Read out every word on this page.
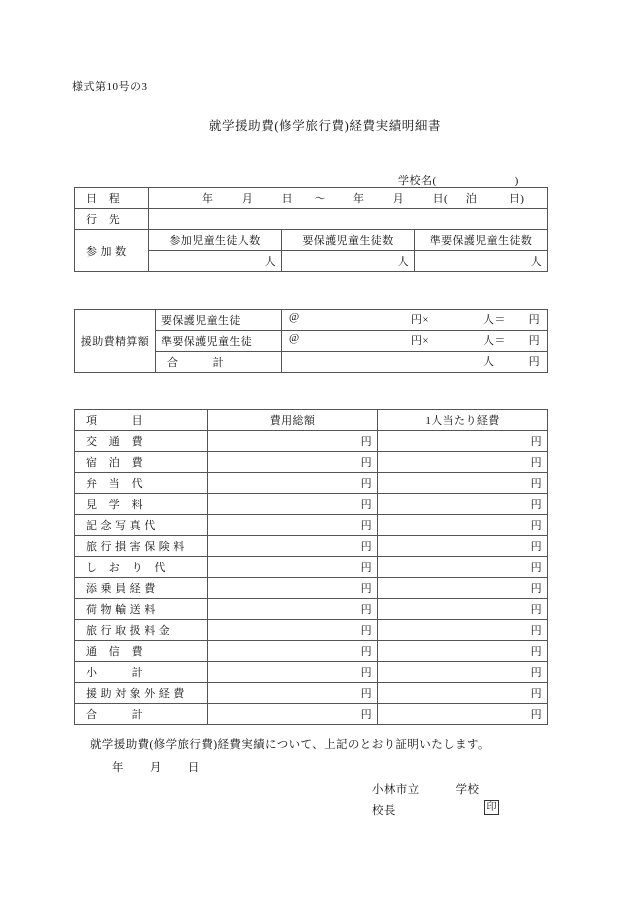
様式第10号の3
就学援助費(修学旅行費)経費実績明細書
学校名(	)
日　程	年	月	日	～	年	月	日(	泊	日)

行　先			

参 加 数	参加児童生徒人数	要保護児童生徒数	準要保護児童生徒数
	人	人	人
援助費精算額	要保護児童生徒	@ 円× 人＝ 円

	準要保護児童生徒	@ 円× 人＝ 円

	合　　　計	人 円
項　　　目	費用総額	1人当たり経費

交　通　費	円	円

宿　泊　費	円	円

弁　当　代	円	円

見　学　料	円	円

記 念 写 真 代	円	円

旅 行 損 害 保 険 料	円	円

し　お　り　代	円	円

添 乗 員 経 費	円	円

荷 物 輸 送 料	円	円

旅 行 取 扱 料 金	円	円

通　信　費	円	円

小　　　計	円	円

援 助 対 象 外 経 費	円	円

合　　　計	円	円
就学援助費(修学旅行費)経費実績について、上記のとおり証明いたします。
年 月 日
小林市立	学校
校長	印
